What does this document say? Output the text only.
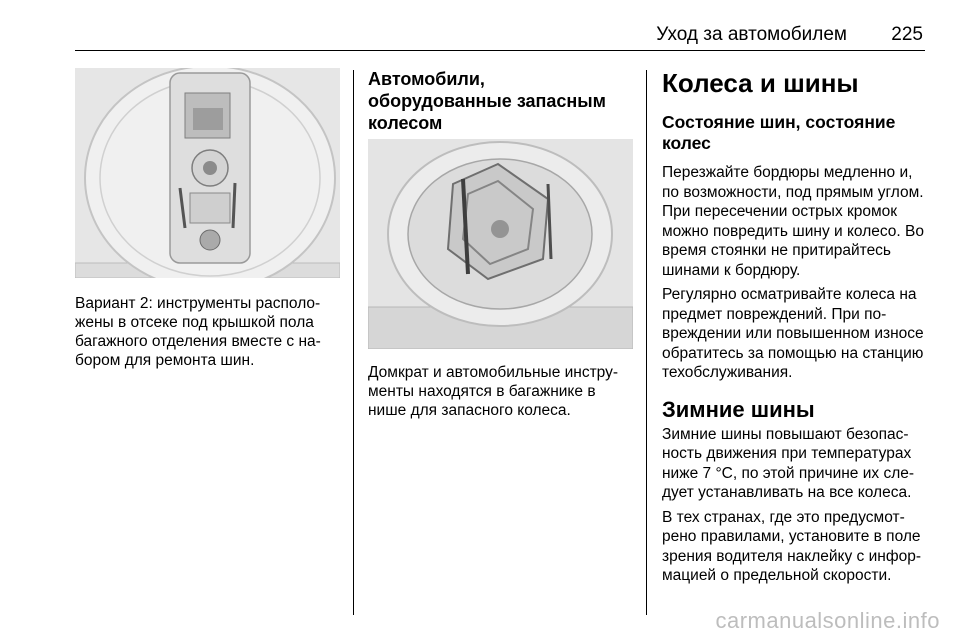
Уход за автомобилем 225

Вариант 2: инструменты расположены в отсеке под крышкой пола багажного отделения вместе с набором для ремонта шин.

Автомобили, оборудованные запасным колесом

Домкрат и автомобильные инструменты находятся в багажнике в нише для запасного колеса.

Колеса и шины
Состояние шин, состояние колес

Перезжайте бордюры медленно и, по возможности, под прямым углом. При пересечении острых кромок можно повредить шину и колесо. Во время стоянки не притирайтесь шинами к бордюру.

Регулярно осматривайте колеса на предмет повреждений. При повреждении или повышенном износе обратитесь за помощью на станцию техобслуживания.

Зимние шины

Зимние шины повышают безопасность движения при температурах ниже 7 °C, по этой причине их следует устанавливать на все колеса.

В тех странах, где это предусмотрено правилами, установите в поле зрения водителя наклейку с информацией о предельной скорости.

carmanualsonline.info
